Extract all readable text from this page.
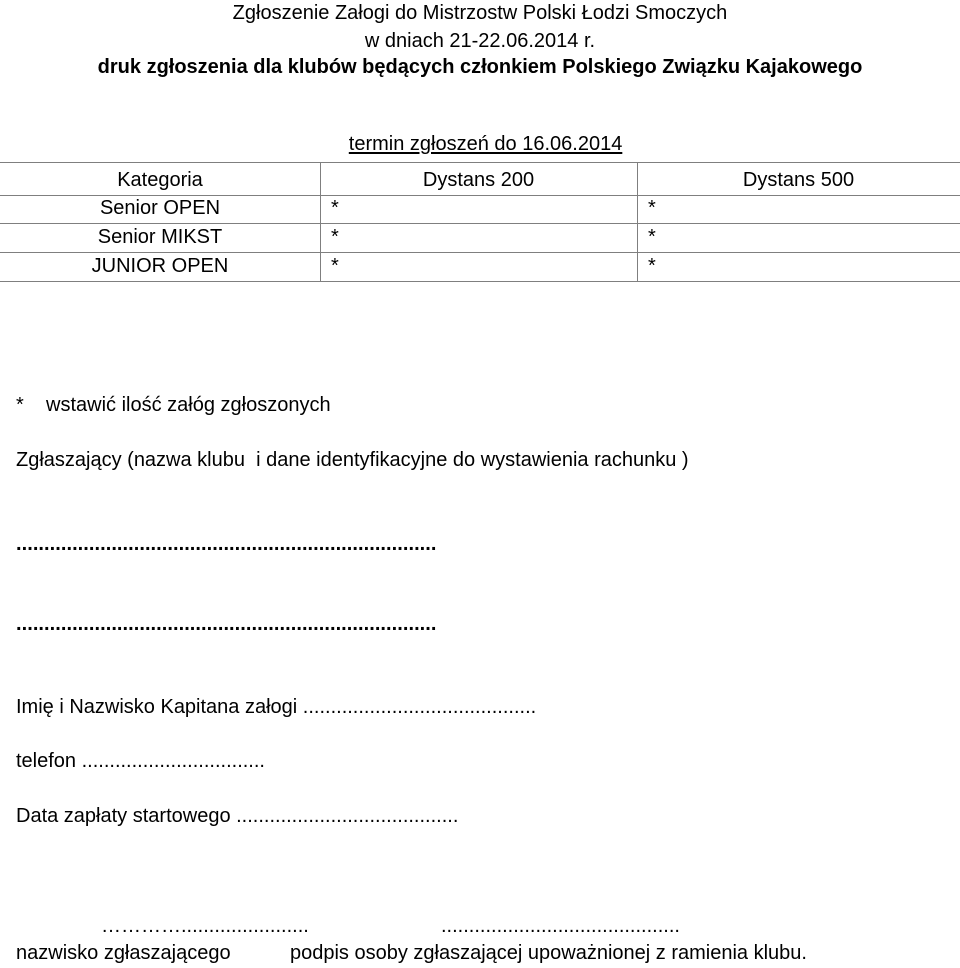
Zgłoszenie Załogi do Mistrzostw Polski Łodzi Smoczych
w dniach 21-22.06.2014 r.
druk zgłoszenia dla klubów będących członkiem Polskiego Związku Kajakowego

termin zgłoszeń do 16.06.2014

Kategoria	Dystans 200	Dystans 500
Senior OPEN	*	*
Senior MIKST	*	*
JUNIOR OPEN	*	*
* wstawić ilość załóg zgłoszonych
Zgłaszający (nazwa klubu  i dane identyfikacyjne do wystawienia rachunku )
...........................................................................
...........................................................................
Imię i Nazwisko Kapitana załogi ..........................................
telefon .................................
Data zapłaty startowego ........................................
………….......................	...........................................
nazwisko zgłaszającego	podpis osoby zgłaszającej upoważnionej z ramienia klubu.
